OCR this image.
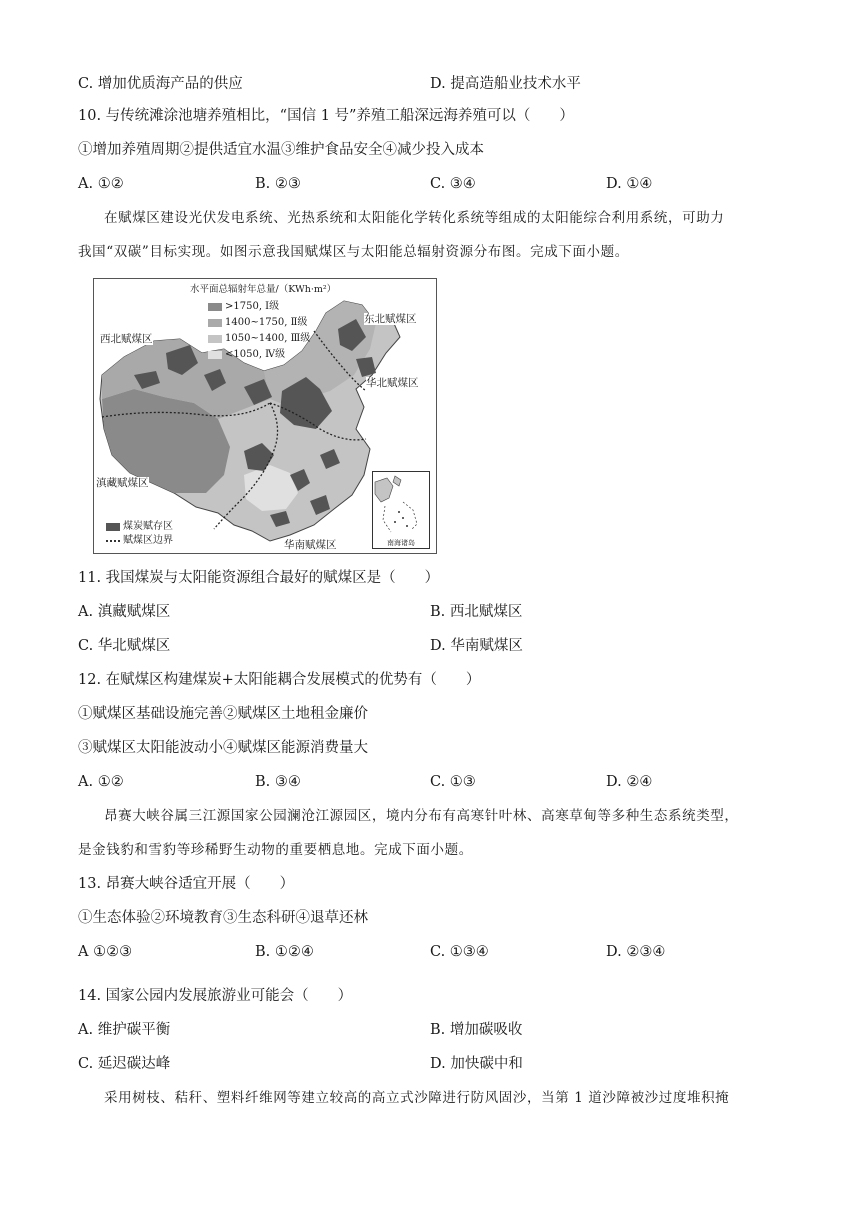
C. 增加优质海产品的供应	D. 提高造船业技术水平
10. 与传统滩涂池塘养殖相比，“国信 1 号”养殖工船深远海养殖可以（　　）
①增加养殖周期②提供适宜水温③维护食品安全④减少投入成本
A. ①②	B. ②③	C. ③④	D. ①④
在赋煤区建设光伏发电系统、光热系统和太阳能化学转化系统等组成的太阳能综合利用系统，可助力
我国“双碳”目标实现。如图示意我国赋煤区与太阳能总辐射资源分布图。完成下面小题。
水平面总辐射年总量/（KWh·m²）
>1750, Ⅰ级
1400~1750, Ⅱ级
1050~1400, Ⅲ级
<1050, Ⅳ级
煤炭赋存区
赋煤区边界
西北赋煤区
东北赋煤区
华北赋煤区
滇藏赋煤区
华南赋煤区	南海诸岛
11. 我国煤炭与太阳能资源组合最好的赋煤区是（　　）
A. 滇藏赋煤区	B. 西北赋煤区
C. 华北赋煤区	D. 华南赋煤区
12. 在赋煤区构建煤炭+太阳能耦合发展模式的优势有（　　）
①赋煤区基础设施完善②赋煤区土地租金廉价
③赋煤区太阳能波动小④赋煤区能源消费量大
A. ①②	B. ③④	C. ①③	D. ②④
昂赛大峡谷属三江源国家公园澜沧江源园区，境内分布有高寒针叶林、高寒草甸等多种生态系统类型，
是金钱豹和雪豹等珍稀野生动物的重要栖息地。完成下面小题。
13. 昂赛大峡谷适宜开展（　　）
①生态体验②环境教育③生态科研④退草还林
A ①②③	B. ①②④	C. ①③④	D. ②③④
14. 国家公园内发展旅游业可能会（　　）
A. 维护碳平衡	B. 增加碳吸收
C. 延迟碳达峰	D. 加快碳中和
采用树枝、秸秆、塑料纤维网等建立较高的高立式沙障进行防风固沙，当第 1 道沙障被沙过度堆积掩
